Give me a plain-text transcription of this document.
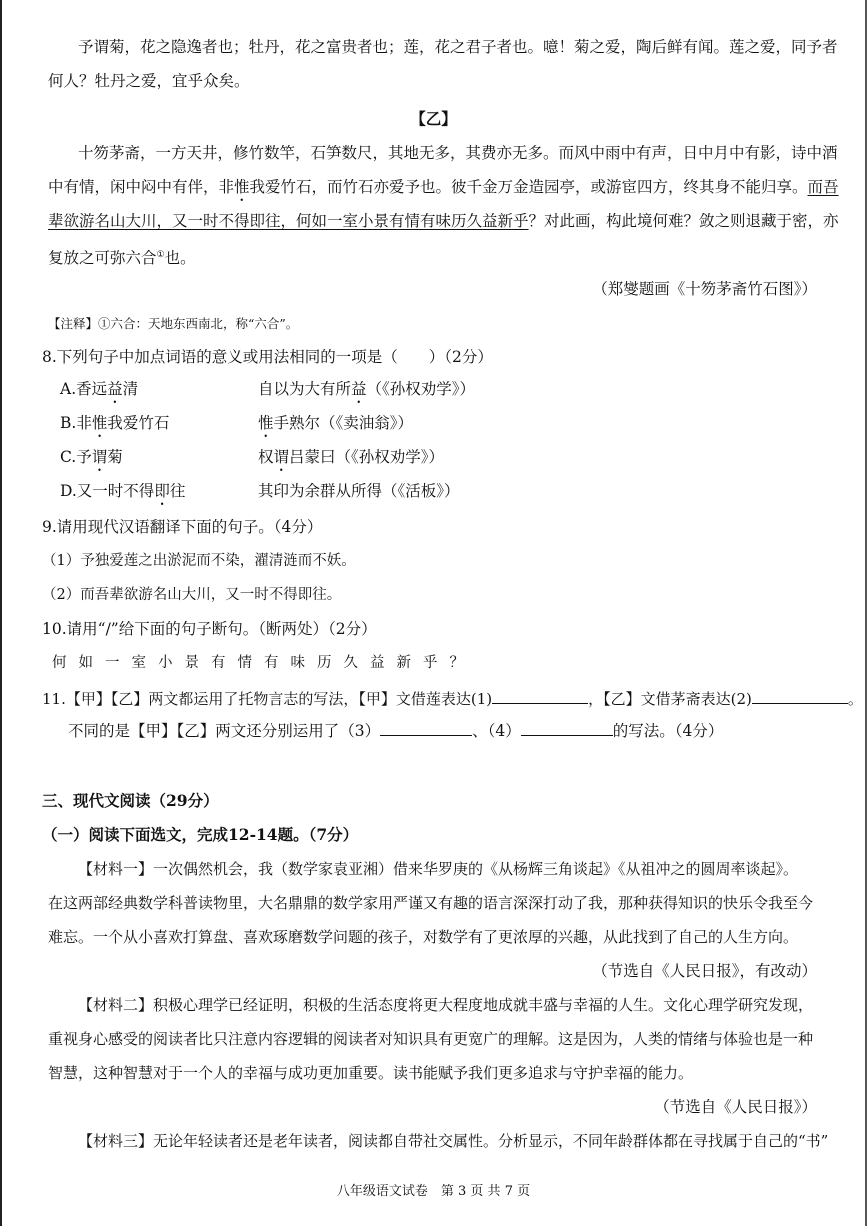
予谓菊，花之隐逸者也；牡丹，花之富贵者也；莲，花之君子者也。噫！菊之爱，陶后鲜有闻。莲之爱，同予者
何人？牡丹之爱，宜乎众矣。
【乙】
十笏茅斋，一方天井，修竹数竿，石笋数尺，其地无多，其费亦无多。而风中雨中有声，日中月中有影，诗中酒
中有情，闲中闷中有伴，非惟我爱竹石，而竹石亦爱予也。彼千金万金造园亭，或游宦四方，终其身不能归享。而吾
辈欲游名山大川，又一时不得即往，何如一室小景有情有味历久益新乎？对此画，构此境何难？敛之则退藏于密，亦
复放之可弥六合①也。
（郑燮题画《十笏茅斋竹石图》）
【注释】①六合：天地东西南北，称“六合”。
8.下列句子中加点词语的意义或用法相同的一项是（　　）（2分）
A.香远益清	自以为大有所益（《孙权劝学》）
B.非惟我爱竹石	惟手熟尔（《卖油翁》）
C.予谓菊	权谓吕蒙曰（《孙权劝学》）
D.又一时不得即往	其印为余群从所得（《活板》）
9.请用现代汉语翻译下面的句子。（4分）
（1）予独爱莲之出淤泥而不染，濯清涟而不妖。
（2）而吾辈欲游名山大川，又一时不得即往。
10.请用“/”给下面的句子断句。（断两处）（2分）
何如一室小景有情有味历久益新乎？
11.【甲】【乙】两文都运用了托物言志的写法，【甲】文借莲表达(1)	，【乙】文借茅斋表达(2)	。
不同的是【甲】【乙】两文还分别运用了（3）	、（4）	的写法。（4分）
三、现代文阅读（29分）
（一）阅读下面选文，完成12-14题。（7分）
【材料一】一次偶然机会，我（数学家袁亚湘）借来华罗庚的《从杨辉三角谈起》《从祖冲之的圆周率谈起》。
在这两部经典数学科普读物里，大名鼎鼎的数学家用严谨又有趣的语言深深打动了我，那种获得知识的快乐令我至今
难忘。一个从小喜欢打算盘、喜欢琢磨数学问题的孩子，对数学有了更浓厚的兴趣，从此找到了自己的人生方向。
（节选自《人民日报》，有改动）
【材料二】积极心理学已经证明，积极的生活态度将更大程度地成就丰盛与幸福的人生。文化心理学研究发现，
重视身心感受的阅读者比只注意内容逻辑的阅读者对知识具有更宽广的理解。这是因为，人类的情绪与体验也是一种
智慧，这种智慧对于一个人的幸福与成功更加重要。读书能赋予我们更多追求与守护幸福的能力。
（节选自《人民日报》）
【材料三】无论年轻读者还是老年读者，阅读都自带社交属性。分析显示，不同年龄群体都在寻找属于自己的“书”
八年级语文试卷　第 3 页 共 7 页
